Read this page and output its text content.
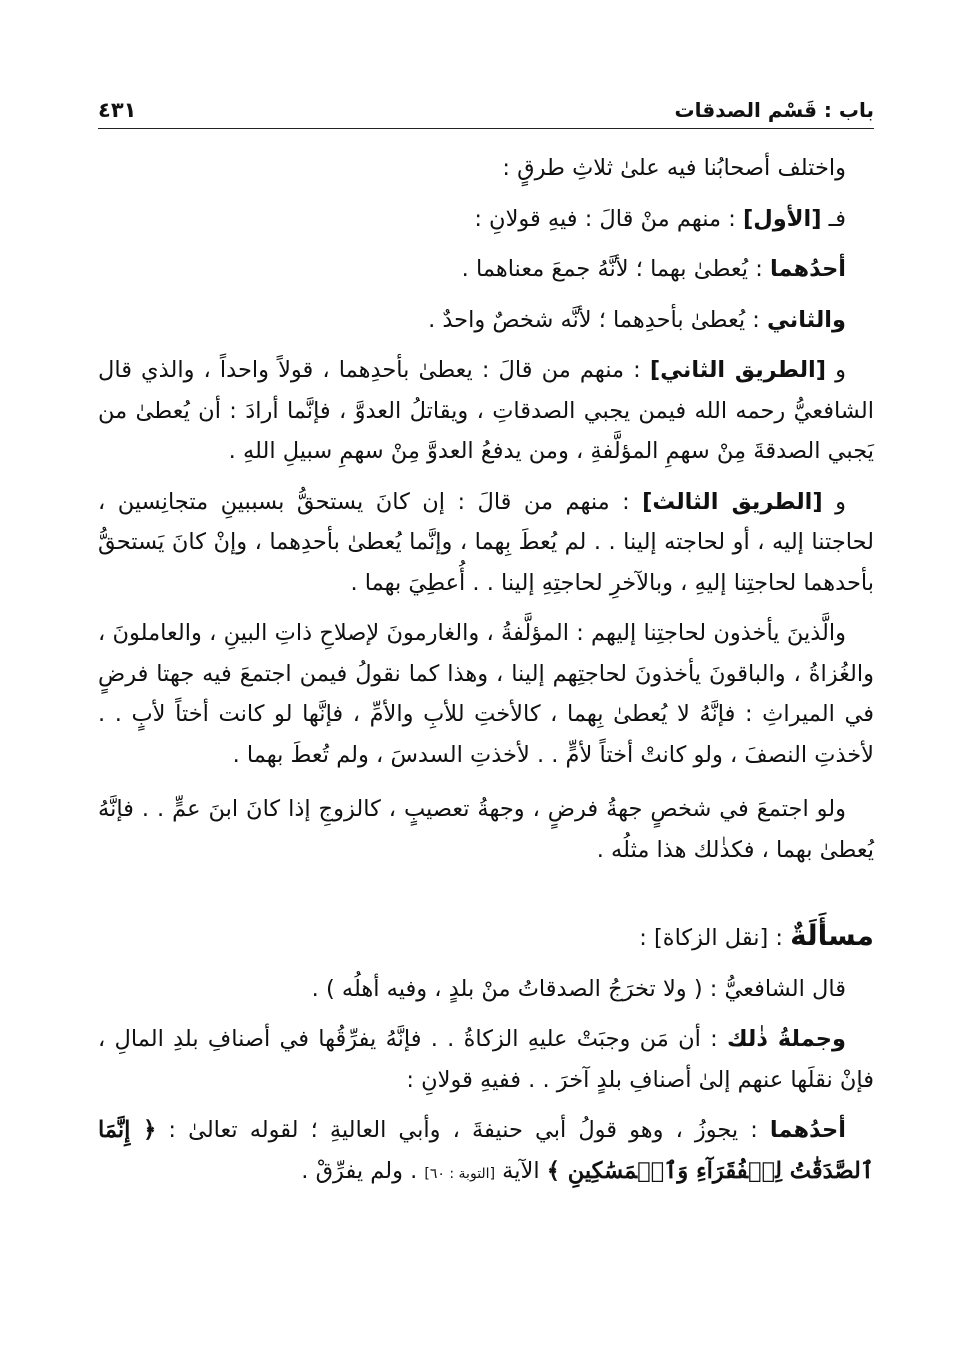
باب : قَسْم الصدقات
٤٣١

واختلف أصحابُنا فيه علىٰ ثلاثِ طرقٍ :

فـ [الأول] : منهم منْ قالَ : فيهِ قولانِ :

أحدُهما : يُعطىٰ بهما ؛ لأنَّهُ جمعَ معناهما .

والثاني : يُعطىٰ بأحدِهما ؛ لأنَّه شخصٌ واحدٌ .

و [الطريق الثاني] : منهم من قالَ : يعطىٰ بأحدِهما ، قولاً واحداً ، والذي قال الشافعيُّ رحمه الله فيمن يجبي الصدقاتِ ، ويقاتلُ العدوَّ ، فإنَّما أرادَ : أن يُعطىٰ من يَجبي الصدقةَ مِنْ سهمِ المؤلَّفةِ ، ومن يدفعُ العدوَّ مِنْ سهمِ سبيلِ اللهِ .

و [الطريق الثالث] : منهم من قالَ : إن كانَ يستحقُّ بسببينِ متجانِسين ، لحاجتنا إليه ، أو لحاجته إلينا . . لم يُعطَ بِهما ، وإنَّما يُعطىٰ بأحدِهما ، وإنْ كانَ يَستحقُّ بأحدهما لحاجتِنا إليهِ ، وبالآخرِ لحاجتِهِ إلينا . . أُعطِيَ بهما .

والَّذينَ يأخذون لحاجتِنا إليهم : المؤلَّفةُ ، والغارمونَ لإصلاحِ ذاتِ البينِ ، والعاملونَ ، والغُزاةُ ، والباقونَ يأخذونَ لحاجتِهم إلينا ، وهذا كما نقولُ فيمن اجتمعَ فيه جهتا فرضٍ في الميراثِ : فإنَّهُ لا يُعطىٰ بِهما ، كالأختِ للأبِ والأمِّ ، فإنَّها لو كانت أختاً لأبٍ . . لأخذتِ النصفَ ، ولو كانتْ أختاً لأمٍّ . . لأخذتِ السدسَ ، ولم تُعطَ بهما .

ولو اجتمعَ في شخصٍ جهةُ فرضٍ ، وجهةُ تعصيبٍ ، كالزوجِ إذا كانَ ابنَ عمٍّ . . فإنَّهُ يُعطىٰ بهما ، فكذٰلك هذا مثلُه .

مسأَلَةٌ : [نقل الزكاة] :

قال الشافعيُّ : ( ولا تخرَجُ الصدقاتُ منْ بلدٍ ، وفيه أهلُه ) .

وجملةُ ذٰلك : أن مَن وجبَتْ عليهِ الزكاةُ . . فإنَّهُ يفرِّقُها في أصنافِ بلدِ المالِ ، فإنْ نقلَها عنهم إلىٰ أصنافِ بلدٍ آخرَ . . ففيهِ قولانِ :

أحدُهما : يجوزُ ، وهو قولُ أبي حنيفةَ ، وأبي العاليةِ ؛ لقوله تعالىٰ : ﴿ إِنَّمَا ٱلصَّدَقَٰتُ لِلۡفُقَرَآءِ وَٱلۡمَسَٰكِينِ ﴾ الآية [التوبة : ٦٠] . ولم يفرِّقْ .
